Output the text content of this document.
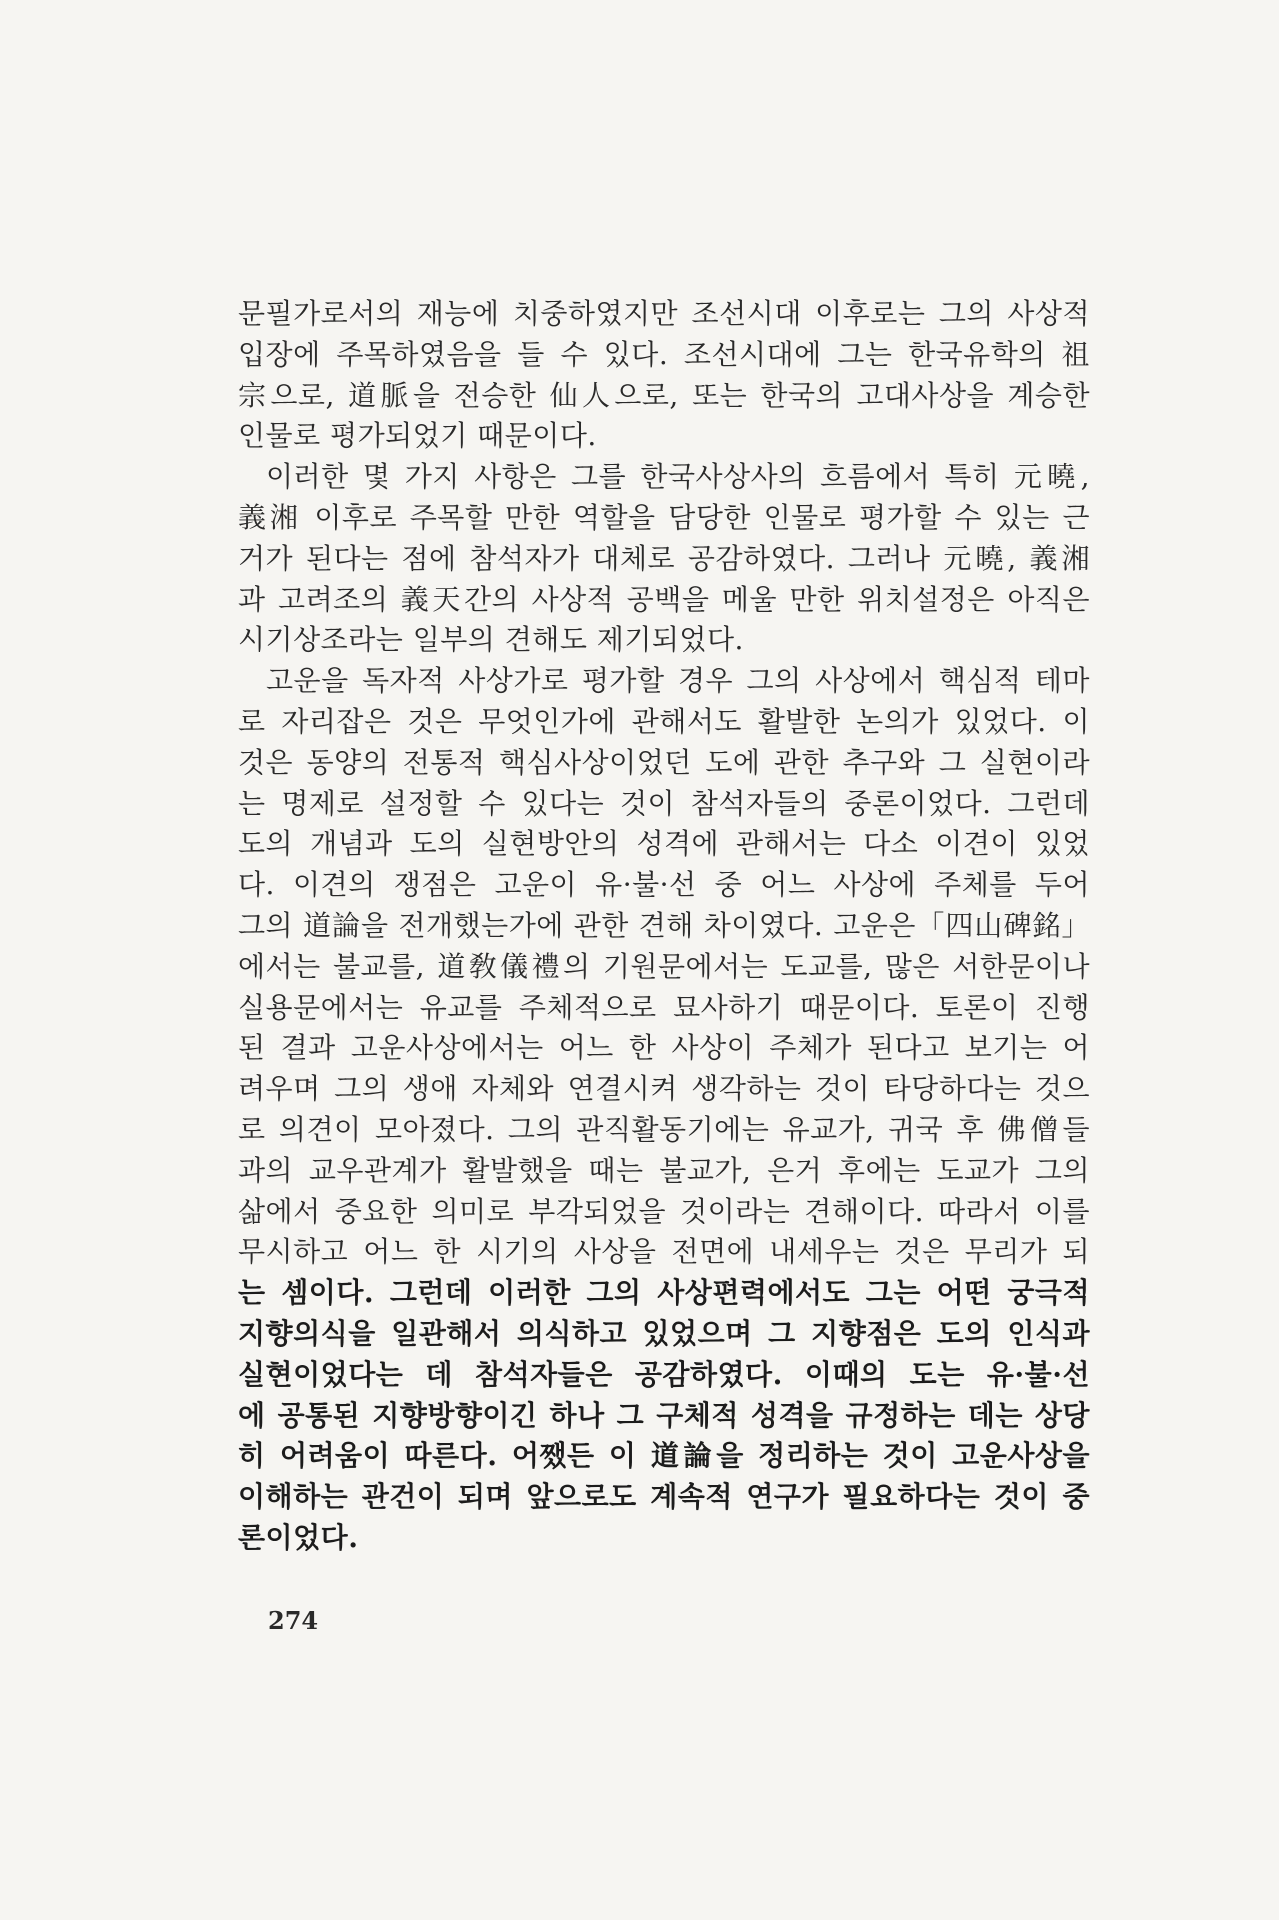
문필가로서의 재능에 치중하였지만 조선시대 이후로는 그의 사상적
입장에 주목하였음을 들 수 있다. 조선시대에 그는 한국유학의 祖
宗으로, 道脈을 전승한 仙人으로, 또는 한국의 고대사상을 계승한
인물로 평가되었기 때문이다.
이러한 몇 가지 사항은 그를 한국사상사의 흐름에서 특히 元曉,
義湘 이후로 주목할 만한 역할을 담당한 인물로 평가할 수 있는 근
거가 된다는 점에 참석자가 대체로 공감하였다. 그러나 元曉, 義湘
과 고려조의 義天간의 사상적 공백을 메울 만한 위치설정은 아직은
시기상조라는 일부의 견해도 제기되었다.
고운을 독자적 사상가로 평가할 경우 그의 사상에서 핵심적 테마
로 자리잡은 것은 무엇인가에 관해서도 활발한 논의가 있었다. 이
것은 동양의 전통적 핵심사상이었던 도에 관한 추구와 그 실현이라
는 명제로 설정할 수 있다는 것이 참석자들의 중론이었다. 그런데
도의 개념과 도의 실현방안의 성격에 관해서는 다소 이견이 있었
다. 이견의 쟁점은 고운이 유·불·선 중 어느 사상에 주체를 두어
그의 道論을 전개했는가에 관한 견해 차이였다. 고운은「四山碑銘」
에서는 불교를, 道敎儀禮의 기원문에서는 도교를, 많은 서한문이나
실용문에서는 유교를 주체적으로 묘사하기 때문이다. 토론이 진행
된 결과 고운사상에서는 어느 한 사상이 주체가 된다고 보기는 어
려우며 그의 생애 자체와 연결시켜 생각하는 것이 타당하다는 것으
로 의견이 모아졌다. 그의 관직활동기에는 유교가, 귀국 후 佛僧들
과의 교우관계가 활발했을 때는 불교가, 은거 후에는 도교가 그의
삶에서 중요한 의미로 부각되었을 것이라는 견해이다. 따라서 이를
무시하고 어느 한 시기의 사상을 전면에 내세우는 것은 무리가 되
는 셈이다. 그런데 이러한 그의 사상편력에서도 그는 어떤 궁극적
지향의식을 일관해서 의식하고 있었으며 그 지향점은 도의 인식과
실현이었다는 데 참석자들은 공감하였다. 이때의 도는 유·불·선
에 공통된 지향방향이긴 하나 그 구체적 성격을 규정하는 데는 상당
히 어려움이 따른다. 어쨌든 이 道論을 정리하는 것이 고운사상을
이해하는 관건이 되며 앞으로도 계속적 연구가 필요하다는 것이 중
론이었다.
274
